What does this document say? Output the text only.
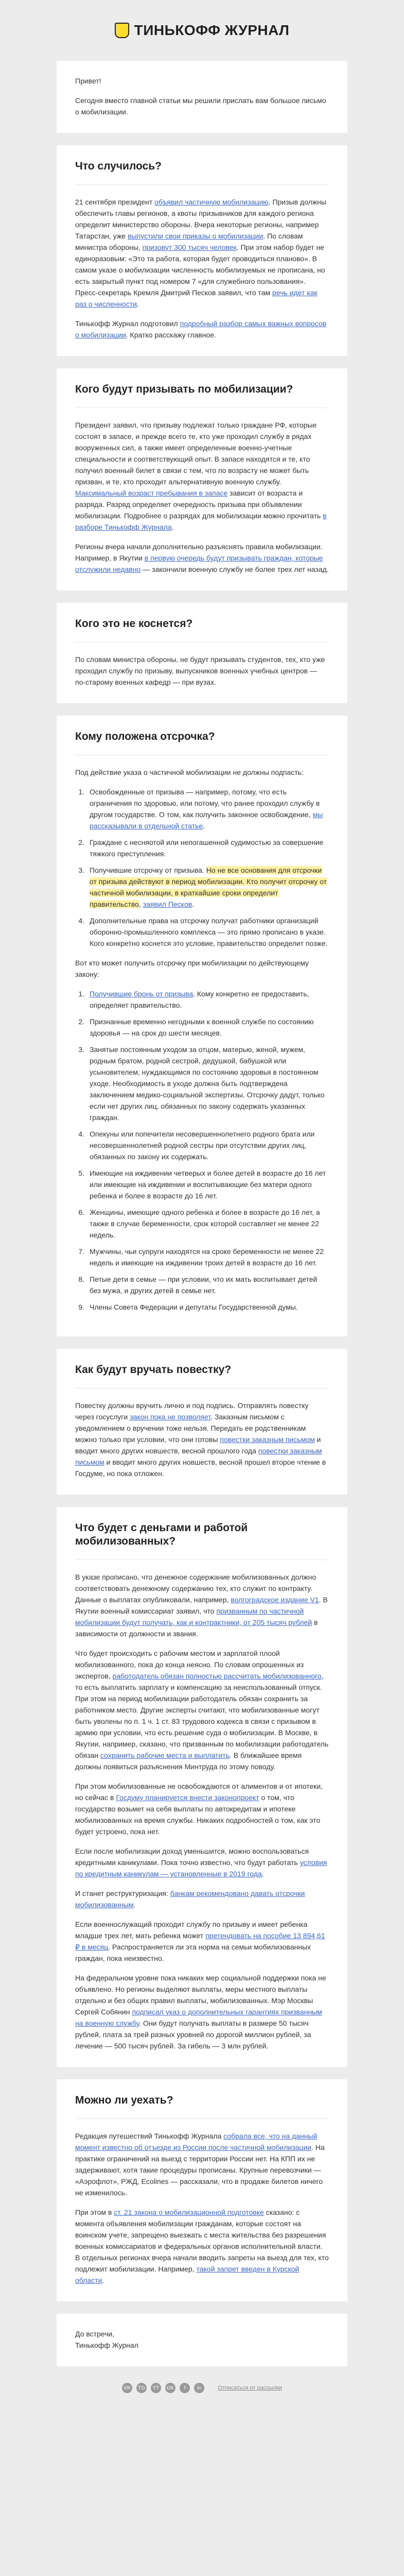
ТИНЬКОФФ ЖУРНАЛ

Привет!

Сегодня вместо главной статьи мы решили прислать вам большое письмо о мобилизации.

Что случилось?

21 сентября президент объявил частичную мобилизацию. Призыв должны обеспечить главы регионов, а квоты призывников для каждого региона определит министерство обороны. Вчера некоторые регионы, например Татарстан, уже выпустили свои приказы о мобилизации. По словам министра обороны, призовут 300 тысяч человек. При этом набор будет не единоразовым: «Это та работа, которая будет проводиться планово». В самом указе о мобилизации численность мобилизуемых не прописана, но есть закрытый пункт под номером 7 «для служебного пользования». Пресс-секретарь Кремля Дмитрий Песков заявил, что там речь идет как раз о численности.

Тинькофф Журнал подготовил подробный разбор самых важных вопросов о мобилизации. Кратко расскажу главное.

Кого будут призывать по мобилизации?

Президент заявил, что призыву подлежат только граждане РФ, которые состоят в запасе, и прежде всего те, кто уже проходил службу в рядах вооруженных сил, а также имеет определенные военно-учетные специальности и соответствующий опыт. В запасе находятся и те, кто получил военный билет в связи с тем, что по возрасту не может быть призван, и те, кто проходит альтернативную военную службу. Максимальный возраст пребывания в запасе зависит от возраста и разряда. Разряд определяет очередность призыва при объявлении мобилизации. Подробнее о разрядах для мобилизации можно прочитать в разборе Тинькофф Журнала.

Регионы вчера начали дополнительно разъяснять правила мобилизации. Например, в Якутии в первую очередь будут призывать граждан, которые отслужили недавно — закончили военную службу не более трех лет назад.

Кого это не коснется?

По словам министра обороны, не будут призывать студентов, тех, кто уже проходил службу по призыву, выпускников военных учебных центров — по-старому военных кафедр — при вузах.

Кому положена отсрочка?

Под действие указа о частичной мобилизации не должны подпасть:

1. Освобожденные от призыва — например, потому, что есть ограничения по здоровью, или потому, что ранее проходил службу в другом государстве. О том, как получить законное освобождение, мы рассказывали в отдельной статье.
2. Граждане с несняотой или непогашенной судимостью за совершение тяжкого преступления.
3. Получившие отсрочку от призыва. Но не все основания для отсрочки от призыва действуют в период мобилизации. Кто получит отсрочку от частичной мобилизации, в краткайшие сроки определит правительство, заявил Песков.
4. Дополнительные права на отсрочку получат работники организаций оборонно-промышленного комплекса — это прямо прописано в указе. Кого конкретно коснется это условие, правительство определит позже.

Вот кто может получить отсрочку при мобилизации по действующему закону:

1. Получившие бронь от призыва. Кому конкретно ее предоставить, определяет правительство.
2. Признанные временно негодными к военной службе по состоянию здоровья — на срок до шести месяцев.
3. Занятые постоянным уходом за отцом, матерью, женой, мужем, родным братом, родной сестрой, дедушкой, бабушкой или усыновителем, нуждающимся по состоянию здоровья в постоянном уходе. Необходимость в уходе должна быть подтверждена заключением медико-социальной экспертизы. Отсрочку дадут, только если нет других лиц, обязанных по закону содержать указанных граждан.
4. Опекуны или попечители несовершеннолетнего родного брата или несовершеннолетней родной сестры при отсутствии других лиц, обязанных по закону их содержать.
5. Имеющие на иждивении четверых и более детей в возрасте до 16 лет или имеющие на иждивении и воспитывающие без матери одного ребенка и более в возрасте до 16 лет.
6. Женщины, имеющие одного ребенка и более в возрасте до 16 лет, а также в случае беременности, срок которой составляет не менее 22 недель.
7. Мужчины, чьи супруги находятся на сроке беременности не менее 22 недель и имеющие на иждивении троих детей в возрасте до 16 лет.
8. Петые дети в семье — при условии, что их мать воспитывает детей без мужа, и других детей в семье нет.
9. Члены Совета Федерации и депутаты Государственной думы.
Как будут вручать повестку?

Повестку должны вручить лично и под подпись. Отправлять повестку через госуслуги закон пока не позволяет. Заказным письмом с уведомлением о вручении тоже нельзя. Передать ее родственникам можно только при условии, что они готовы повестки заказным письмом и вводит много других новшеств, весной прошлого года повестки заказным письмом и вводит много других новшеств, весной прошел второе чтение в Госдуме, но пока отложен.

Что будет с деньгами и работой мобилизованных?

В указе прописано, что денежное содержание мобилизованных должно соответствовать денежному содержанию тех, кто служит по контракту. Данные о выплатах опубликовали, например, волгоградское издание V1. В Якутии военный комиссариат заявил, что призванным по частичной мобилизации будут получать, как и контрактники, от 205 тысяч рублей в зависимости от должности и звания.

Что будет происходить с рабочим местом и зарплатой плоой мобилизованного, пока до конца неясно. По словам опрошенных из экспертов, работодатель обязан полностью рассчитать мобилизованного, то есть выплатить зарплату и компенсацию за неиспользованный отпуск. При этом на период мобилизации работодатель обязан сохранить за работником место. Другие эксперты считают, что мобилизованные могут быть уволены по п. 1 ч. 1 ст. 83 трудового кодекса в связи с призывом в армию при условии, что есть решение суда о мобилизации. В Москве, в Якутии, например, сказано, что призванным по мобилизации работодатель обязан сохранить рабочие места и выплатить. В ближайшее время должны появиться разъяснения Минтруда по этому поводу.

При этом мобилизованные не освобождаются от алиментов и от ипотеки, но сейчас в Госдуму планируется внести законопроект о том, что государство возьмет на себя выплаты по автокредитам и ипотеке мобилизованных на время службы. Никаких подробностей о том, как это будет устроено, пока нет.

Если после мобилизации доход уменьшится, можно воспользоваться кредитными каникулами. Пока точно известно, что будут работать условия по кредитным каникулам — установленные в 2019 года.

И станет реструктуризация: банкам рекомендовано давать отсрочки мобилизованным.

Если военнослужащий проходит службу по призыву и имеет ребенка младше трех лет, мать ребенка может претендовать на пособие 13 894,61 ₽ в месяц. Распространяется ли эта норма на семьи мобилизованных граждан, пока неизвестно.

На федеральном уровне пока никаких мер социальной поддержки пока не объявлено. Но регионы выделяют выплаты, меры местного выплаты отдельно и без общих правил выплаты, мобилизованных. Мэр Москвы Сергей Собянин подписал указ о дополнительных гарантиях призванным на военную службу. Они будут получать выплаты в размере 50 тысяч рублей, платa за трей разных уровней по дорогой миллион рублей, за лечение — 500 тысяч рублей. За гибель — 3 млн рублей.

Можно ли уехать?

Редакция путешествий Тинькофф Журнала собрала все, что на данный момент известно об отъезде из России после частичной мобилизации. На практике ограничений на выезд с территории России нет. На КПП их не задерживают, хотя такие процедуры прописаны. Крупные перевозчики — «Аэрофлот», РЖД, Ecolines — рассказали, что в продаже билетов ничего не изменилось.

При этом в ст. 21 закона о мобилизационной подготовке сказано: с момента объявления мобилизации гражданам, которые состоят на воинском учете, запрещено выезжать с места жительства без разрешения военных комиссариатов и федеральных органов исполнительной власти. В отдельных регионах вчера начали вводить запреты на выезд для тех, кто подлежит мобилизации. Например, такой запрет введен в Курской области.

До встречи,
Тинькофф Журнал

VK	TG	YT	OK	f	in	Отписаться от рассылки
